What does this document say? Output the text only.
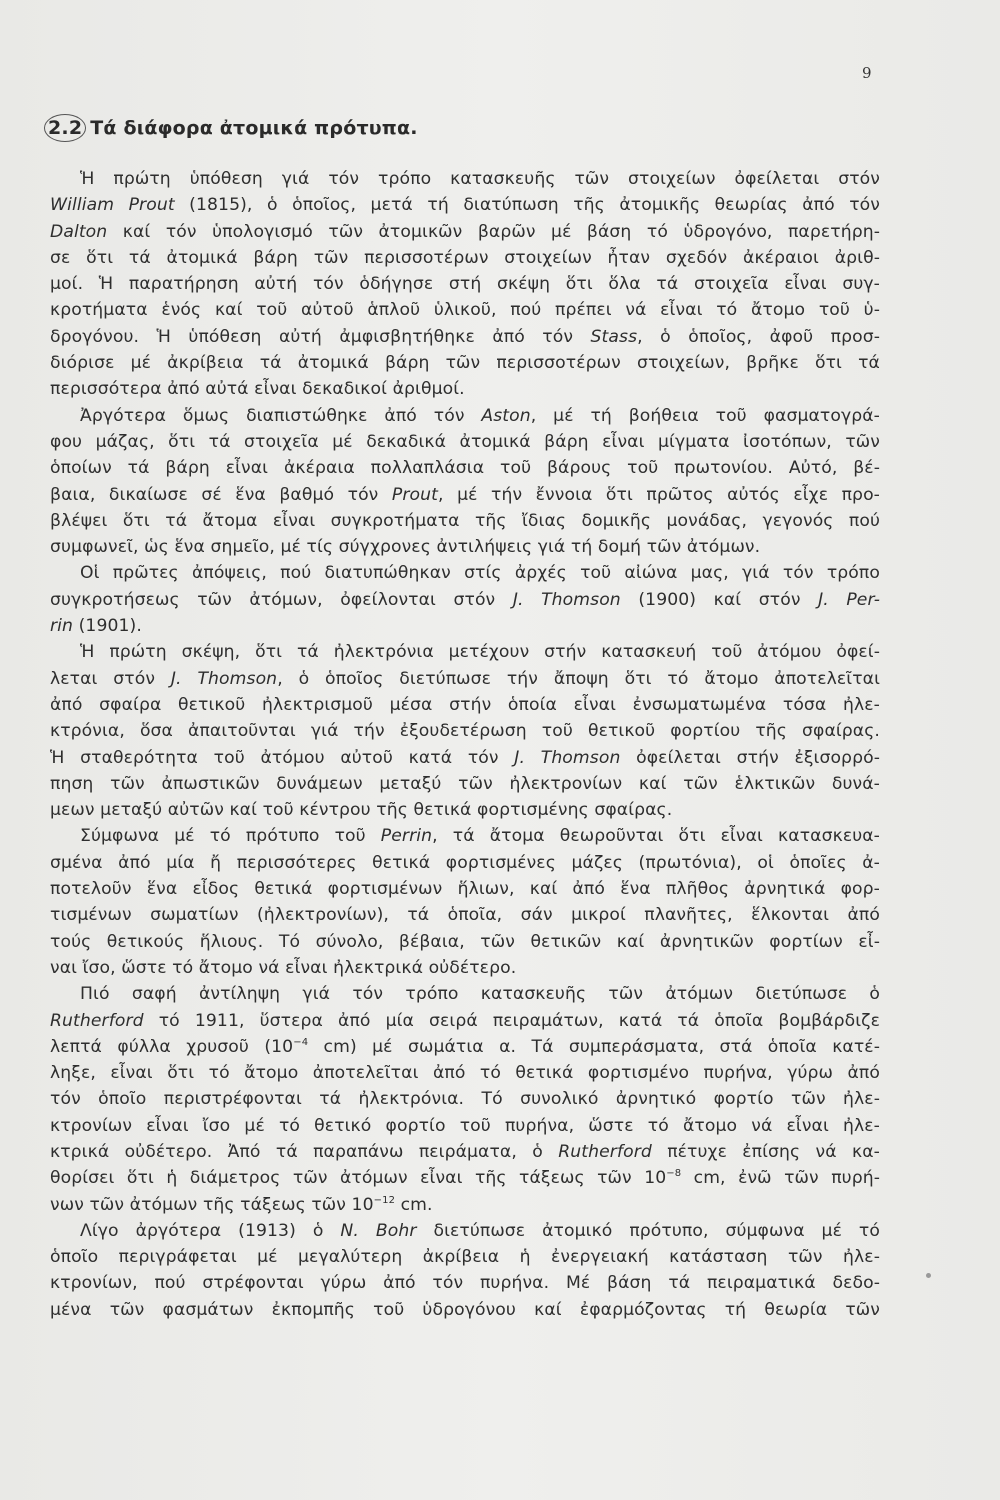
9
2.2 Τά διάφορα ἀτομικά πρότυπα.
Ἡ πρώτη ὑπόθεση γιά τόν τρόπο κατασκευῆς τῶν στοιχείων ὀφείλεται στόν
William Prout (1815), ὁ ὁποῖος, μετά τή διατύπωση τῆς ἀτομικῆς θεωρίας ἀπό τόν
Dalton καί τόν ὑπολογισμό τῶν ἀτομικῶν βαρῶν μέ βάση τό ὑδρογόνο, παρετήρη-
σε ὅτι τά ἀτομικά βάρη τῶν περισσοτέρων στοιχείων ἦταν σχεδόν ἀκέραιοι ἀριθ-
μοί. Ἡ παρατήρηση αὐτή τόν ὁδήγησε στή σκέψη ὅτι ὅλα τά στοιχεῖα εἶναι συγ-
κροτήματα ἑνός καί τοῦ αὐτοῦ ἁπλοῦ ὑλικοῦ, πού πρέπει νά εἶναι τό ἄτομο τοῦ ὑ-
δρογόνου. Ἡ ὑπόθεση αὐτή ἀμφισβητήθηκε ἀπό τόν Stass, ὁ ὁποῖος, ἀφοῦ προσ-
διόρισε μέ ἀκρίβεια τά ἀτομικά βάρη τῶν περισσοτέρων στοιχείων, βρῆκε ὅτι τά
περισσότερα ἀπό αὐτά εἶναι δεκαδικοί ἀριθμοί.
Ἀργότερα ὅμως διαπιστώθηκε ἀπό τόν Aston, μέ τή βοήθεια τοῦ φασματογρά-
φου μάζας, ὅτι τά στοιχεῖα μέ δεκαδικά ἀτομικά βάρη εἶναι μίγματα ἰσοτόπων, τῶν
ὁποίων τά βάρη εἶναι ἀκέραια πολλαπλάσια τοῦ βάρους τοῦ πρωτονίου. Αὐτό, βέ-
βαια, δικαίωσε σέ ἕνα βαθμό τόν Prout, μέ τήν ἔννοια ὅτι πρῶτος αὐτός εἶχε προ-
βλέψει ὅτι τά ἄτομα εἶναι συγκροτήματα τῆς ἴδιας δομικῆς μονάδας, γεγονός πού
συμφωνεῖ, ὡς ἕνα σημεῖο, μέ τίς σύγχρονες ἀντιλήψεις γιά τή δομή τῶν ἀτόμων.
Οἱ πρῶτες ἀπόψεις, πού διατυπώθηκαν στίς ἀρχές τοῦ αἰώνα μας, γιά τόν τρόπο
συγκροτήσεως τῶν ἀτόμων, ὀφείλονται στόν J. Thomson (1900) καί στόν J. Per-
rin (1901).
Ἡ πρώτη σκέψη, ὅτι τά ἠλεκτρόνια μετέχουν στήν κατασκευή τοῦ ἀτόμου ὀφεί-
λεται στόν J. Thomson, ὁ ὁποῖος διετύπωσε τήν ἄποψη ὅτι τό ἄτομο ἀποτελεῖται
ἀπό σφαίρα θετικοῦ ἠλεκτρισμοῦ μέσα στήν ὁποία εἶναι ἐνσωματωμένα τόσα ἠλε-
κτρόνια, ὅσα ἀπαιτοῦνται γιά τήν ἐξουδετέρωση τοῦ θετικοῦ φορτίου τῆς σφαίρας.
Ἡ σταθερότητα τοῦ ἀτόμου αὐτοῦ κατά τόν J. Thomson ὀφείλεται στήν ἐξισορρό-
πηση τῶν ἀπωστικῶν δυνάμεων μεταξύ τῶν ἠλεκτρονίων καί τῶν ἑλκτικῶν δυνά-
μεων μεταξύ αὐτῶν καί τοῦ κέντρου τῆς θετικά φορτισμένης σφαίρας.
Σύμφωνα μέ τό πρότυπο τοῦ Perrin, τά ἄτομα θεωροῦνται ὅτι εἶναι κατασκευα-
σμένα ἀπό μία ἤ περισσότερες θετικά φορτισμένες μάζες (πρωτόνια), οἱ ὁποῖες ἀ-
ποτελοῦν ἕνα εἶδος θετικά φορτισμένων ἥλιων, καί ἀπό ἕνα πλῆθος ἀρνητικά φορ-
τισμένων σωματίων (ἠλεκτρονίων), τά ὁποῖα, σάν μικροί πλανῆτες, ἕλκονται ἀπό
τούς θετικούς ἥλιους. Τό σύνολο, βέβαια, τῶν θετικῶν καί ἀρνητικῶν φορτίων εἶ-
ναι ἴσο, ὥστε τό ἄτομο νά εἶναι ἠλεκτρικά οὐδέτερο.
Πιό σαφή ἀντίληψη γιά τόν τρόπο κατασκευῆς τῶν ἀτόμων διετύπωσε ὁ
Rutherford τό 1911, ὕστερα ἀπό μία σειρά πειραμάτων, κατά τά ὁποῖα βομβάρδιζε
λεπτά φύλλα χρυσοῦ ($10^{-4}$ cm) μέ σωμάτια α. Τά συμπεράσματα, στά ὁποῖα κατέ-
ληξε, εἶναι ὅτι τό ἄτομο ἀποτελεῖται ἀπό τό θετικά φορτισμένο πυρήνα, γύρω ἀπό
τόν ὁποῖο περιστρέφονται τά ἠλεκτρόνια. Τό συνολικό ἀρνητικό φορτίο τῶν ἠλε-
κτρονίων εἶναι ἴσο μέ τό θετικό φορτίο τοῦ πυρήνα, ὥστε τό ἄτομο νά εἶναι ἠλε-
κτρικά οὐδέτερο. Ἀπό τά παραπάνω πειράματα, ὁ Rutherford πέτυχε ἐπίσης νά κα-
θορίσει ὅτι ἡ διάμετρος τῶν ἀτόμων εἶναι τῆς τάξεως τῶν $10^{-8}$ cm, ἐνῶ τῶν πυρή-
νων τῶν ἀτόμων τῆς τάξεως τῶν $10^{-12}$ cm.
Λίγο ἀργότερα (1913) ὁ N. Bohr διετύπωσε ἀτομικό πρότυπο, σύμφωνα μέ τό
ὁποῖο περιγράφεται μέ μεγαλύτερη ἀκρίβεια ἡ ἐνεργειακή κατάσταση τῶν ἠλε-
κτρονίων, πού στρέφονται γύρω ἀπό τόν πυρήνα. Μέ βάση τά πειραματικά δεδο-
μένα τῶν φασμάτων ἐκπομπῆς τοῦ ὑδρογόνου καί ἐφαρμόζοντας τή θεωρία τῶν
